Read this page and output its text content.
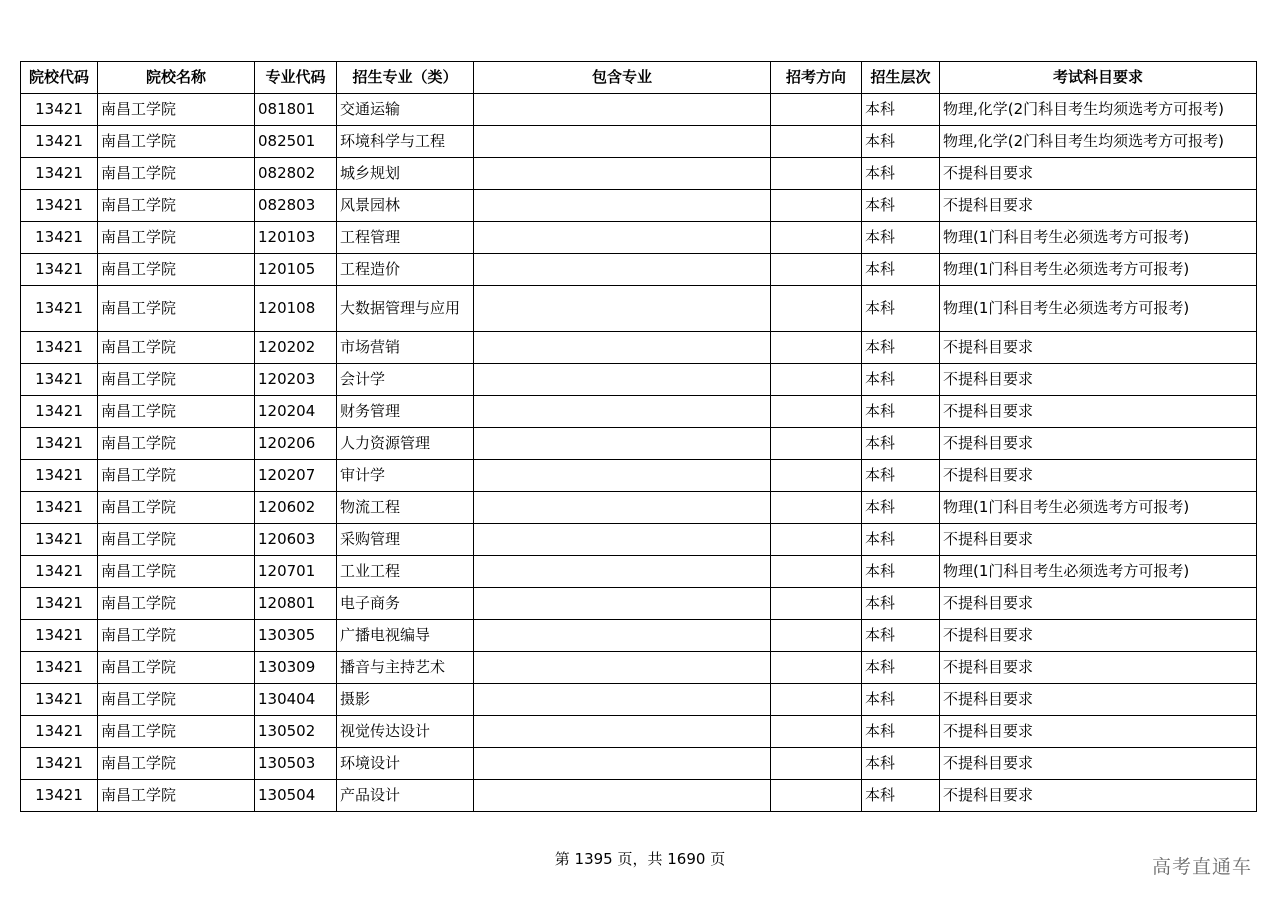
院校代码	院校名称	专业代码	招生专业（类）	包含专业	招考方向	招生层次	考试科目要求
13421	南昌工学院	081801	交通运输			本科	物理,化学(2门科目考生均须选考方可报考)
13421	南昌工学院	082501	环境科学与工程			本科	物理,化学(2门科目考生均须选考方可报考)
13421	南昌工学院	082802	城乡规划			本科	不提科目要求
13421	南昌工学院	082803	风景园林			本科	不提科目要求
13421	南昌工学院	120103	工程管理			本科	物理(1门科目考生必须选考方可报考)
13421	南昌工学院	120105	工程造价			本科	物理(1门科目考生必须选考方可报考)
13421	南昌工学院	120108	大数据管理与应用			本科	物理(1门科目考生必须选考方可报考)
13421	南昌工学院	120202	市场营销			本科	不提科目要求
13421	南昌工学院	120203	会计学			本科	不提科目要求
13421	南昌工学院	120204	财务管理			本科	不提科目要求
13421	南昌工学院	120206	人力资源管理			本科	不提科目要求
13421	南昌工学院	120207	审计学			本科	不提科目要求
13421	南昌工学院	120602	物流工程			本科	物理(1门科目考生必须选考方可报考)
13421	南昌工学院	120603	采购管理			本科	不提科目要求
13421	南昌工学院	120701	工业工程			本科	物理(1门科目考生必须选考方可报考)
13421	南昌工学院	120801	电子商务			本科	不提科目要求
13421	南昌工学院	130305	广播电视编导			本科	不提科目要求
13421	南昌工学院	130309	播音与主持艺术			本科	不提科目要求
13421	南昌工学院	130404	摄影			本科	不提科目要求
13421	南昌工学院	130502	视觉传达设计			本科	不提科目要求
13421	南昌工学院	130503	环境设计			本科	不提科目要求
13421	南昌工学院	130504	产品设计			本科	不提科目要求
第 1395 页，共 1690 页	高考直通车
